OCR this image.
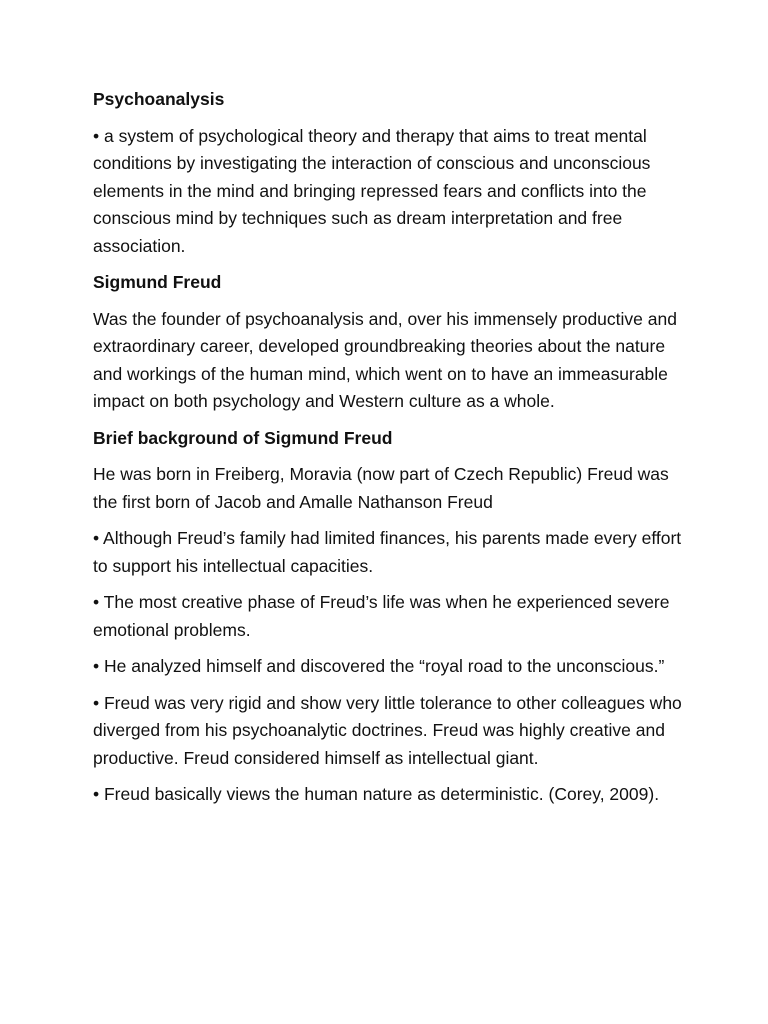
Psychoanalysis
• a system of psychological theory and therapy that aims to treat mental conditions by investigating the interaction of conscious and unconscious elements in the mind and bringing repressed fears and conflicts into the conscious mind by techniques such as dream interpretation and free association.
Sigmund Freud
Was the founder of psychoanalysis and, over his immensely productive and extraordinary career, developed groundbreaking theories about the nature and workings of the human mind, which went on to have an immeasurable impact on both psychology and Western culture as a whole.
Brief background of Sigmund Freud
He was born in Freiberg, Moravia (now part of Czech Republic) Freud was the first born of Jacob and Amalle Nathanson Freud
• Although Freud’s family had limited finances, his parents made every effort to support his intellectual capacities.
• The most creative phase of Freud’s life was when he experienced severe emotional problems.
• He analyzed himself and discovered the “royal road to the unconscious.”
• Freud was very rigid and show very little tolerance to other colleagues who diverged from his psychoanalytic doctrines. Freud was highly creative and productive. Freud considered himself as intellectual giant.
• Freud basically views the human nature as deterministic. (Corey, 2009).
